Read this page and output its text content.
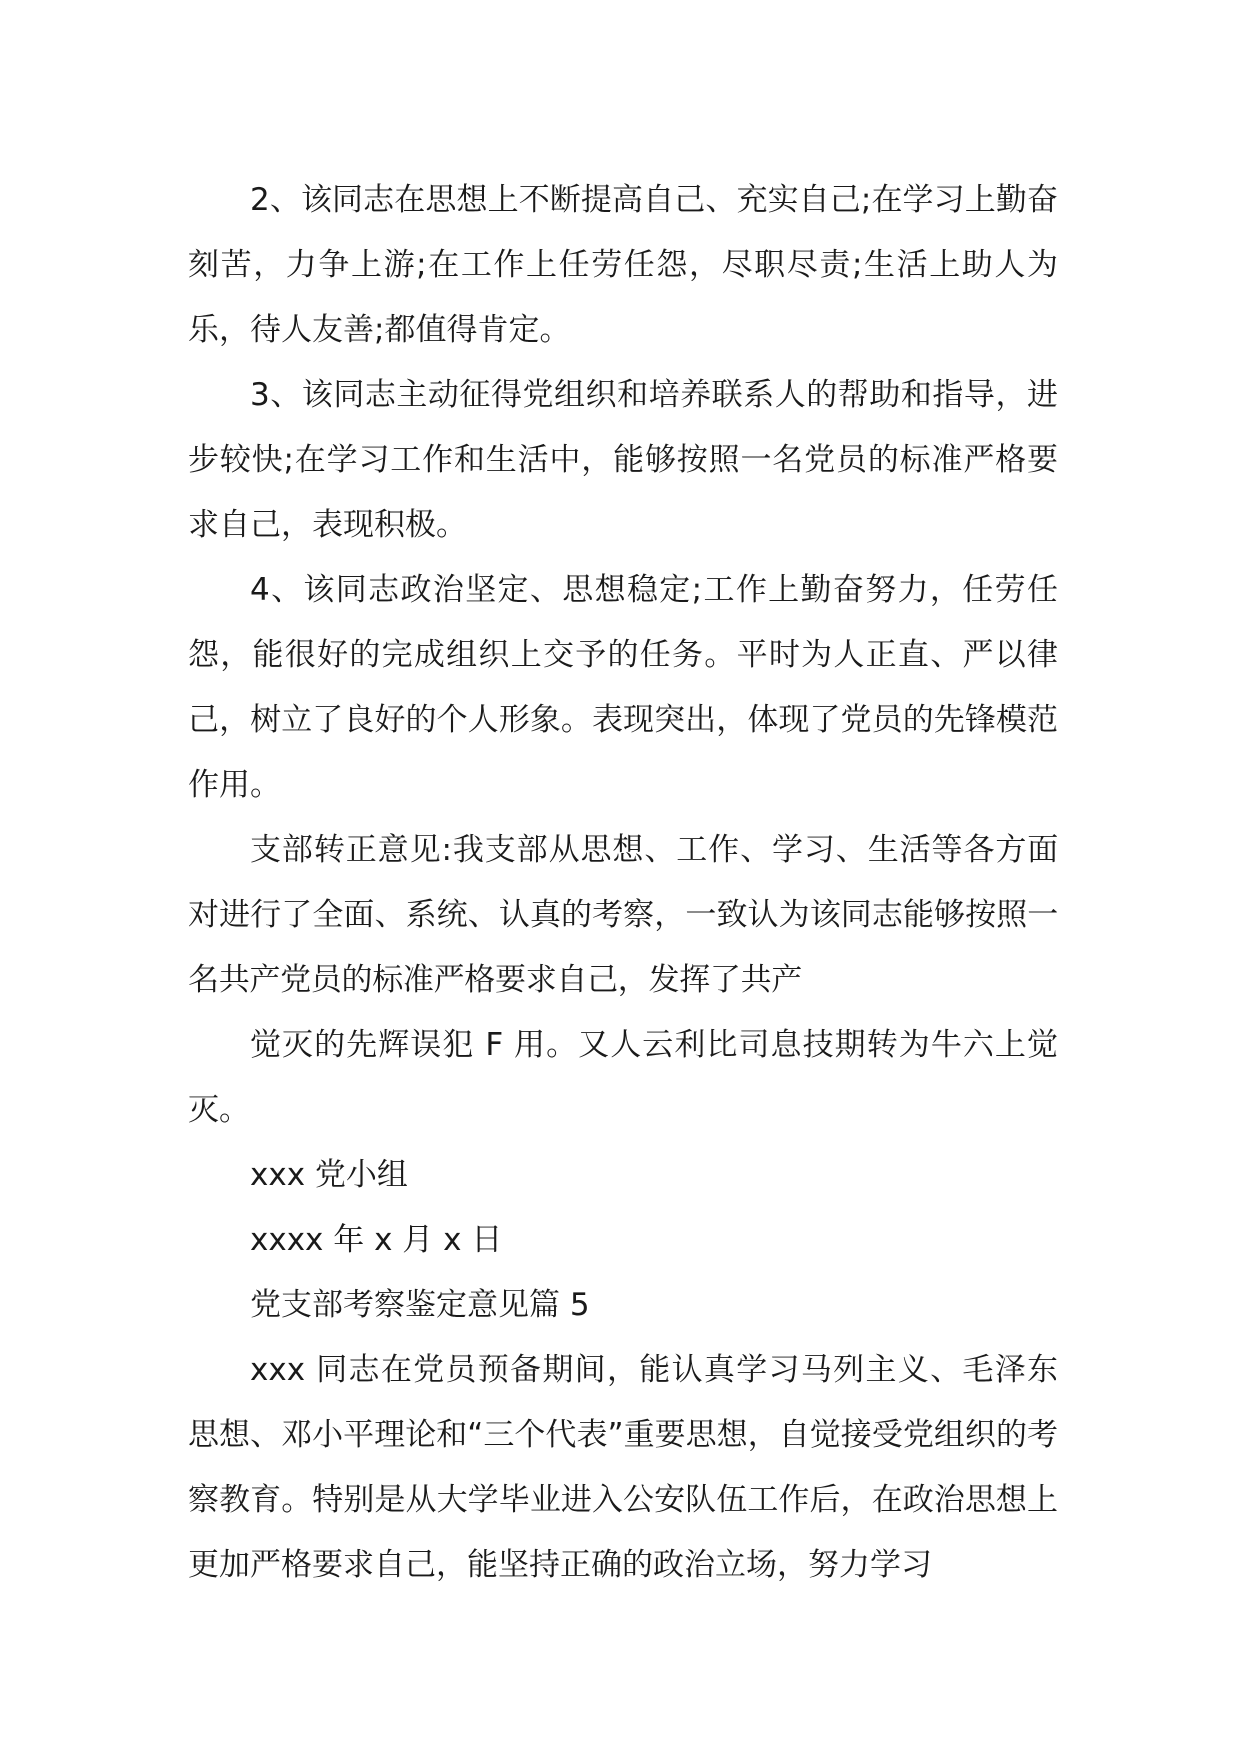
2、该同志在思想上不断提高自己、充实自己;在学习上勤奋刻苦，力争上游;在工作上任劳任怨，尽职尽责;生活上助人为乐，待人友善;都值得肯定。

3、该同志主动征得党组织和培养联系人的帮助和指导，进步较快;在学习工作和生活中，能够按照一名党员的标准严格要求自己，表现积极。

4、该同志政治坚定、思想稳定;工作上勤奋努力，任劳任怨，能很好的完成组织上交予的任务。平时为人正直、严以律己，树立了良好的个人形象。表现突出，体现了党员的先锋模范作用。

支部转正意见:我支部从思想、工作、学习、生活等各方面对进行了全面、系统、认真的考察，一致认为该同志能够按照一名共产党员的标准严格要求自己，发挥了共产

觉灭的先辉误犯 F 用。又人云利比司息技期转为牛六上觉灭。

xxx 党小组

xxxx 年 x 月 x 日

党支部考察鉴定意见篇 5

xxx 同志在党员预备期间，能认真学习马列主义、毛泽东思想、邓小平理论和“三个代表”重要思想，自觉接受党组织的考察教育。特别是从大学毕业进入公安队伍工作后，在政治思想上更加严格要求自己，能坚持正确的政治立场，努力学习
